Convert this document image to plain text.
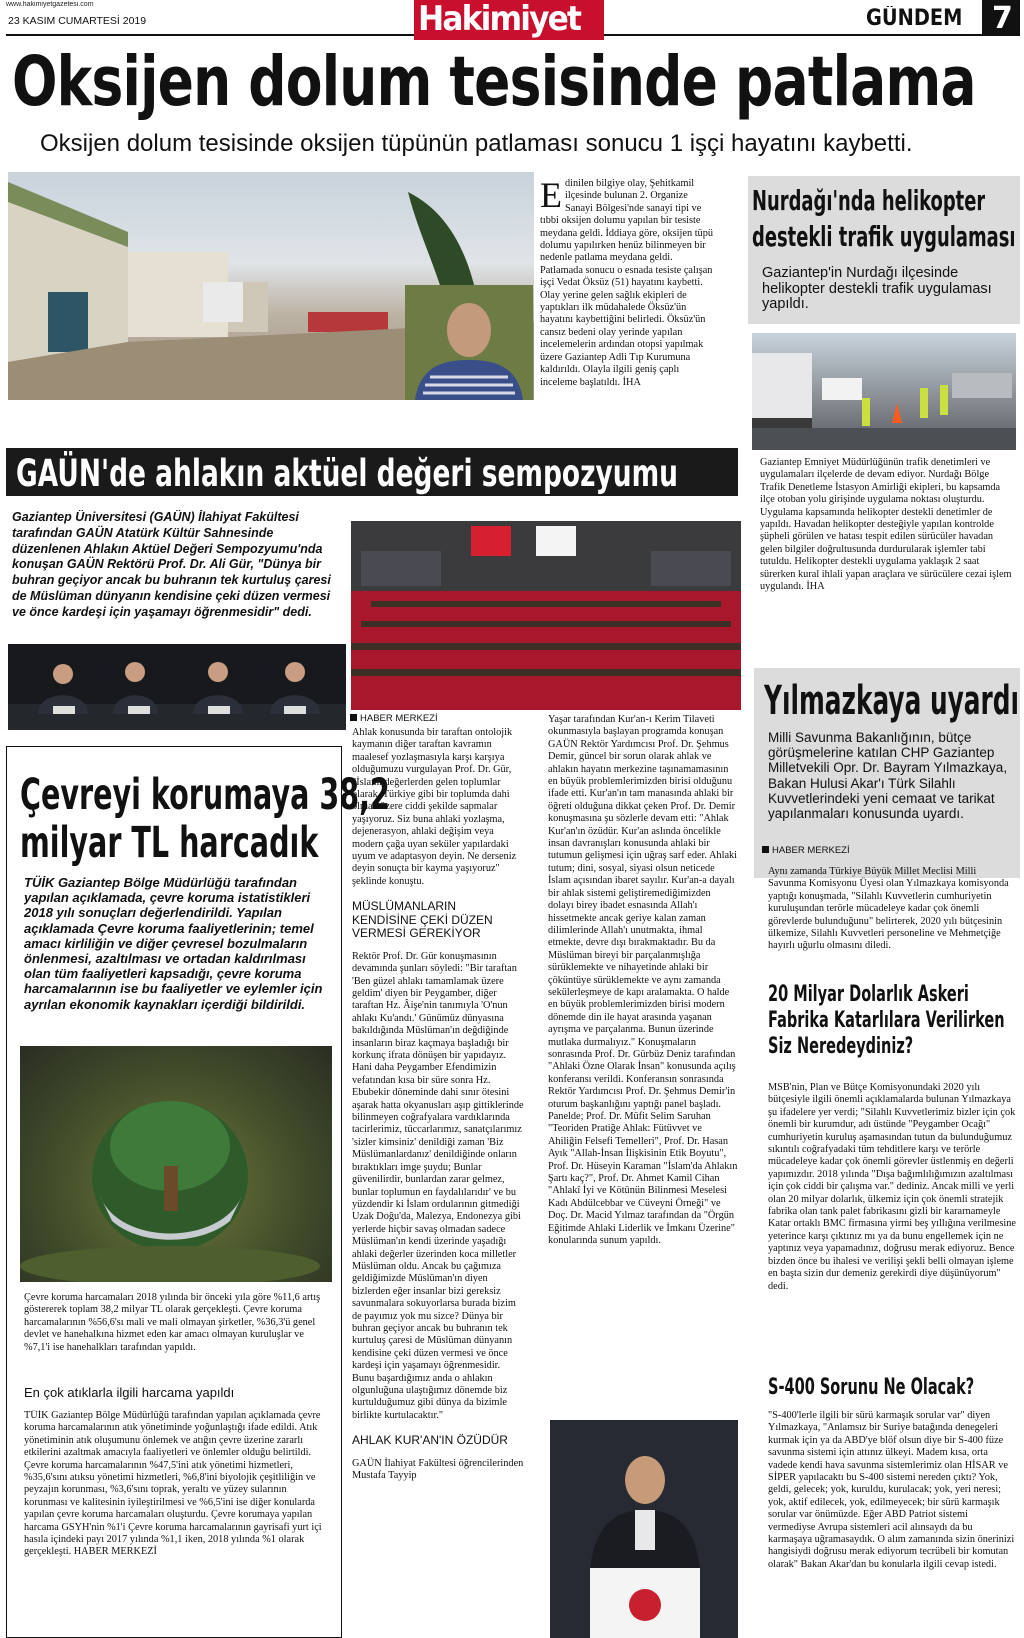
www.hakimiyetgazetesi.com
23 KASIM CUMARTESİ 2019	Hakimiyet	GÜNDEM 7
Oksijen dolum tesisinde patlama
Oksijen dolum tesisinde oksijen tüpünün patlaması sonucu 1 işçi hayatını kaybetti.
Edinilen bilgiye olay, Şehitkamil ilçesinde bulunan 2. Organize Sanayi Bölgesi'nde sanayi tipi ve tıbbi oksijen dolumu yapılan bir tesiste meydana geldi. İddiaya göre, oksijen tüpü dolumu yapılırken henüz bilinmeyen bir nedenle patlama meydana geldi. Patlamada sonucu o esnada tesiste çalışan işçi Vedat Öksüz (51) hayatını kaybetti. Olay yerine gelen sağlık ekipleri de yaptıkları ilk müdahalede Öksüz'ün hayatını kaybettiğini belirledi. Öksüz'ün cansız bedeni olay yerinde yapılan incelemelerin ardından otopsi yapılmak üzere Gaziantep Adli Tıp Kurumuna kaldırıldı. Olayla ilgili geniş çaplı inceleme başlatıldı. İHA
Nurdağı'nda helikopter
destekli trafik uygulaması
Gaziantep'in Nurdağı ilçesinde helikopter destekli trafik uygulaması yapıldı.
Gaziantep Emniyet Müdürlüğünün trafik denetimleri ve uygulamaları ilçelerde de devam ediyor. Nurdağı Bölge Trafik Denetleme İstasyon Amirliği ekipleri, bu kapsamda ilçe otoban yolu girişinde uygulama noktası oluşturdu. Uygulama kapsamında helikopter destekli denetimler de yapıldı. Havadan helikopter desteğiyle yapılan kontrolde şüpheli görülen ve hatası tespit edilen sürücüler havadan gelen bilgiler doğrultusunda durdurularak işlemler tabi tutuldu. Helikopter destekli uygulama yaklaşık 2 saat sürerken kural ihlali yapan araçlara ve sürücülere cezai işlem uygulandı. İHA
GAÜN'de ahlakın aktüel değeri sempozyumu
Gaziantep Üniversitesi (GAÜN) İlahiyat Fakültesi tarafından GAÜN Atatürk Kültür Sahnesinde düzenlenen Ahlakın Aktüel Değeri Sempozyumu'nda konuşan GAÜN Rektörü Prof. Dr. Ali Gür, "Dünya bir buhran geçiyor ancak bu buhranın tek kurtuluş çaresi de Müslüman dünyanın kendisine çeki düzen vermesi ve önce kardeşi için yaşamayı öğrenmesidir" dedi.
HABER MERKEZİ

Ahlak konusunda bir taraftan ontolojik kaymanın diğer taraftan kavramın maalesef yozlaşmasıyla karşı karşıya olduğumuzu vurgulayan Prof. Dr. Gür, "İslami değerlerden gelen toplumlar olarak, Türkiye gibi bir toplumda dahi olmak üzere ciddi şekilde sapmalar yaşıyoruz. Siz buna ahlaki yozlaşma, dejenerasyon, ahlaki değişim veya modern çağa uyan seküler yapılardaki uyum ve adaptasyon deyin. Ne derseniz deyin sonuçta bir kayma yaşıyoruz" şeklinde konuştu.

MÜSLÜMANLARIN KENDİSİNE ÇEKİ DÜZEN VERMESİ GEREKİYOR

Rektör Prof. Dr. Gür konuşmasının devamında şunları söyledi: "Bir taraftan 'Ben güzel ahlakı tamamlamak üzere geldim' diyen bir Peygamber, diğer taraftan Hz. Âişe'nin tanımıyla 'O'nun ahlakı Ku'andı.' Günümüz dünyasına bakıldığında Müslüman'ın değdiğinde insanların biraz kaçmaya başladığı bir korkunç ifrata dönüşen bir yapıdayız. Hani daha Peygamber Efendimizin vefatından kısa bir süre sonra Hz. Ebubekir döneminde dahi sınır ötesini aşarak hatta okyanusları aşıp gittiklerinde bilinmeyen coğrafyalara vardıklarında tacirlerimiz, tüccarlarımız, sanatçılarımız 'sizler kimsiniz' denildiği zaman 'Biz Müslümanlardanız' denildiğinde onların bıraktıkları imge şuydu; Bunlar güvenilirdir, bunlardan zarar gelmez, bunlar toplumun en faydalılarıdır' ve bu yüzdendir ki İslam ordularının gitmediği Uzak Doğu'da, Malezya, Endonezya gibi yerlerde hiçbir savaş olmadan sadece Müslüman'ın kendi üzerinde yaşadığı ahlaki değerler üzerinden koca milletler Müslüman oldu. Ancak bu çağımıza geldiğimizde Müslüman'ın diyen bizlerden eğer insanlar bizi gereksiz savunmalara sokuyorlarsa burada bizim de payımız yok mu sizce? Dünya bir buhran geçiyor ancak bu buhranın tek kurtuluş çaresi de Müslüman dünyanın kendisine çeki düzen vermesi ve önce kardeşi için yaşamayı öğrenmesidir. Bunu başardığımız anda o ahlakın olgunluğuna ulaştığımız dönemde biz kurtulduğumuz gibi dünya da bizimle birlikte kurtulacaktır."

AHLAK KUR'AN'IN ÖZÜDÜR

GAÜN İlahiyat Fakültesi öğrencilerinden Mustafa Tayyip

Yaşar tarafından Kur'an-ı Kerim Tilaveti okunmasıyla başlayan programda konuşan GAÜN Rektör Yardımcısı Prof. Dr. Şehmus Demir, güncel bir sorun olarak ahlak ve ahlakın hayatın merkezine taşınamamasının en büyük problemlerimizden birisi olduğunu ifade etti. Kur'an'ın tam manasında ahlaki bir öğreti olduğuna dikkat çeken Prof. Dr. Demir konuşmasına şu sözlerle devam etti: "Ahlak Kur'an'ın özüdür. Kur'an aslında öncelikle insan davranışları konusunda ahlaki bir tutumun gelişmesi için uğraş sarf eder. Ahlaki tutum; dini, sosyal, siyasi olsun neticede İslam açısından ibaret sayılır. Kur'an-a dayalı bir ahlak sistemi geliştiremediğimizden dolayı birey ibadet esnasında Allah'ı hissetmekte ancak geriye kalan zaman dilimlerinde Allah'ı unutmakta, ihmal etmekte, devre dışı bırakmaktadır. Bu da Müslüman bireyi bir parçalanmışlığa sürüklemekte ve nihayetinde ahlaki bir çöküntüye sürüklemekte ve aynı zamanda sekülerleşmeye de kapı aralamakta. O halde en büyük problemlerimizden birisi modern dönemde din ile hayat arasında yaşanan ayrışma ve parçalanma. Bunun üzerinde mutlaka durmalıyız." Konuşmaların sonrasında Prof. Dr. Gürbüz Deniz tarafından "Ahlaki Özne Olarak İnsan" konusunda açılış konferansı verildi. Konferansın sonrasında Rektör Yardımcısı Prof. Dr. Şehmus Demir'in oturum başkanlığını yaptığı panel başladı. Panelde; Prof. Dr. Müfit Selim Saruhan "Teoriden Pratiğe Ahlak: Fütüvvet ve Ahiliğin Felsefi Temelleri", Prof. Dr. Hasan Ayık "Allah-İnsan İlişkisinin Etik Boyutu", Prof. Dr. Hüseyin Karaman "İslam'da Ahlakın Şartı kaç?", Prof. Dr. Ahmet Kamil Cihan "Ahlakî İyi ve Kötünün Bilinmesi Meselesi Kadı Abdülcebbar ve Cüveyni Örneği" ve Doç. Dr. Macid Yılmaz tarafından da "Örgün Eğitimde Ahlaki Liderlik ve İmkanı Üzerine" konularında sunum yapıldı.
Çevreyi korumaya 38,2
milyar TL harcadık
TÜİK Gaziantep Bölge Müdürlüğü tarafından yapılan açıklamada, çevre koruma istatistikleri 2018 yılı sonuçları değerlendirildi. Yapılan açıklamada Çevre koruma faaliyetlerinin; temel amacı kirliliğin ve diğer çevresel bozulmaların önlenmesi, azaltılması ve ortadan kaldırılması olan tüm faaliyetleri kapsadığı, çevre koruma harcamalarının ise bu faaliyetler ve eylemler için ayrılan ekonomik kaynakları içerdiği bildirildi.
Çevre koruma harcamaları 2018 yılında bir önceki yıla göre %11,6 artış göstererek toplam 38,2 milyar TL olarak gerçekleşti. Çevre koruma harcamalarının %56,6'sı mali ve mali olmayan şirketler, %36,3'ü genel devlet ve hanehalkına hizmet eden kar amacı olmayan kuruluşlar ve %7,1'i ise hanehalkları tarafından yapıldı.
En çok atıklarla ilgili harcama yapıldı
TÜİK Gaziantep Bölge Müdürlüğü tarafından yapılan açıklamada çevre koruma harcamalarının atık yönetiminde yoğunlaştığı ifade edildi. Atık yönetiminin atık oluşumunu önlemek ve atığın çevre üzerine zararlı etkilerini azaltmak amacıyla faaliyetleri ve önlemler olduğu belirtildi. Çevre koruma harcamalarının %47,5'ini atık yönetimi hizmetleri, %35,6'sını atıksu yönetimi hizmetleri, %6,8'ini biyolojik çeşitliliğin ve peyzajın korunması, %3,6'sını toprak, yeraltı ve yüzey sularının korunması ve kalitesinin iyileştirilmesi ve %6,5'ini ise diğer konularda yapılan çevre koruma harcamaları oluşturdu. Çevre korumaya yapılan harcama GSYH'nin %1'i Çevre koruma harcamalarının gayrisafi yurt içi hasıla içindeki payı 2017 yılında %1,1 iken, 2018 yılında %1 olarak gerçekleşti. HABER MERKEZİ
Yılmazkaya uyardı
Milli Savunma Bakanlığının, bütçe görüşmelerine katılan CHP Gaziantep Milletvekili Opr. Dr. Bayram Yılmazkaya, Bakan Hulusi Akar'ı Türk Silahlı Kuvvetlerindeki yeni cemaat ve tarikat yapılanmaları konusunda uyardı.
HABER MERKEZİ
Aynı zamanda Türkiye Büyük Millet Meclisi Milli Savunma Komisyonu Üyesi olan Yılmazkaya komisyonda yaptığı konuşmada, "Silahlı Kuvvetlerin cumhuriyetin kuruluşundan terörle mücadeleye kadar çok önemli görevlerde bulunduğunu" belirterek, 2020 yılı bütçesinin ülkemize, Silahlı Kuvvetleri personeline ve Mehmetçiğe hayırlı uğurlu olmasını diledi.
20 Milyar Dolarlık Askeri Fabrika Katarlılara Verilirken Siz Neredeydiniz?
MSB'nin, Plan ve Bütçe Komisyonundaki 2020 yılı bütçesiyle ilgili önemli açıklamalarda bulunan Yılmazkaya şu ifadelere yer verdi; "Silahlı Kuvvetlerimiz bizler için çok önemli bir kurumdur, adı üstünde "Peygamber Ocağı" cumhuriyetin kuruluş aşamasından tutun da bulunduğumuz sıkıntılı coğrafyadaki tüm tehditlere karşı ve terörle mücadeleye kadar çok önemli görevler üstlenmiş en değerli yapımızdır. 2018 yılında "Dışa bağımlılığımızın azaltılması için çok ciddi bir çalışma var." dediniz. Ancak milli ve yerli olan 20 milyar dolarlık, ülkemiz için çok önemli stratejik fabrika olan tank palet fabrikasını gizli bir kararnameyle Katar ortaklı BMC firmasına yirmi beş yıllığına verilmesine yeterince karşı çıktınız mı ya da bunu engellemek için ne yaptınız veya yapamadınız, doğrusu merak ediyoruz. Bence bizden önce bu ihalesi ve verilişi şekli belli olmayan işleme en başta sizin dur demeniz gerekirdi diye düşünüyorum" dedi.
S-400 Sorunu Ne Olacak?
"S-400'lerle ilgili bir sürü karmaşık sorular var" diyen Yılmazkaya, "Anlamsız bir Suriye batağında denegeleri kurmak için ya da ABD'ye blöf olsun diye bir S-400 füze savunma sistemi için attınız ülkeyi. Madem kısa, orta vadede kendi hava savunma sistemlerimiz olan HİSAR ve SİPER yapılacaktı bu S-400 sistemi nereden çıktı? Yok, geldi, gelecek; yok, kuruldu, kurulacak; yok, yeri neresi; yok, aktif edilecek, yok, edilmeyecek; bir sürü karmaşık sorular var önümüzde. Eğer ABD Patriot sistemi vermediyse Avrupa sistemleri acil alınsaydı da bu karmaşaya uğramasaydık. O alım zamanında sizin önerinizi hangisiydi doğrusu merak ediyorum tecrübeli bir komutan olarak" Bakan Akar'dan bu konularla ilgili cevap istedi.
